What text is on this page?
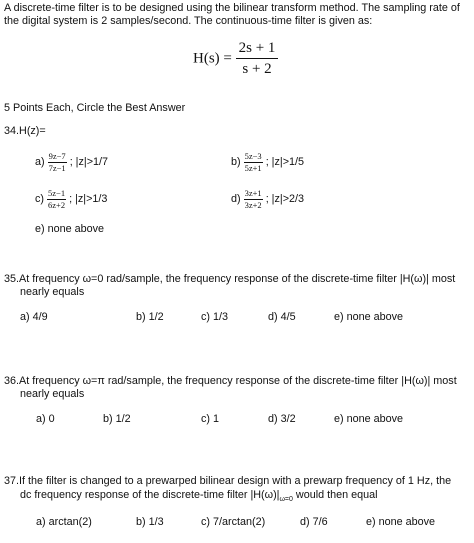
A discrete-time filter is to be designed using the bilinear transform method. The sampling rate of
the digital system is 2 samples/second. The continuous-time filter is given as:
$H(s) = \frac{2s + 1}{s + 2}$
5 Points Each, Circle the Best Answer
34.H(z)=
$a) \frac{9z-7}{7z-1}$ ; |z|>1/7	$b) \frac{5z-3}{5z+1}$ ; |z|>1/5
$c) \frac{5z-1}{6z+2}$ ; |z|>1/3	$d) \frac{3z+1}{3z+2}$ ; |z|>2/3
e) none above
35.At frequency ω=0 rad/sample, the frequency response of the discrete-time filter |H(ω)| most
nearly equals
a) 4/9	b) 1/2	c) 1/3	d) 4/5	e) none above
36.At frequency ω=π rad/sample, the frequency response of the discrete-time filter |H(ω)| most
nearly equals
a) 0	b) 1/2	c) 1	d) 3/2	e) none above
37.If the filter is changed to a prewarped bilinear design with a prewarp frequency of 1 Hz, the
dc frequency response of the discrete-time filter $|H(\omega)|_{\omega=0}$ would then equal
a) arctan(2)	b) 1/3	c) 7/arctan(2)	d) 7/6	e) none above
